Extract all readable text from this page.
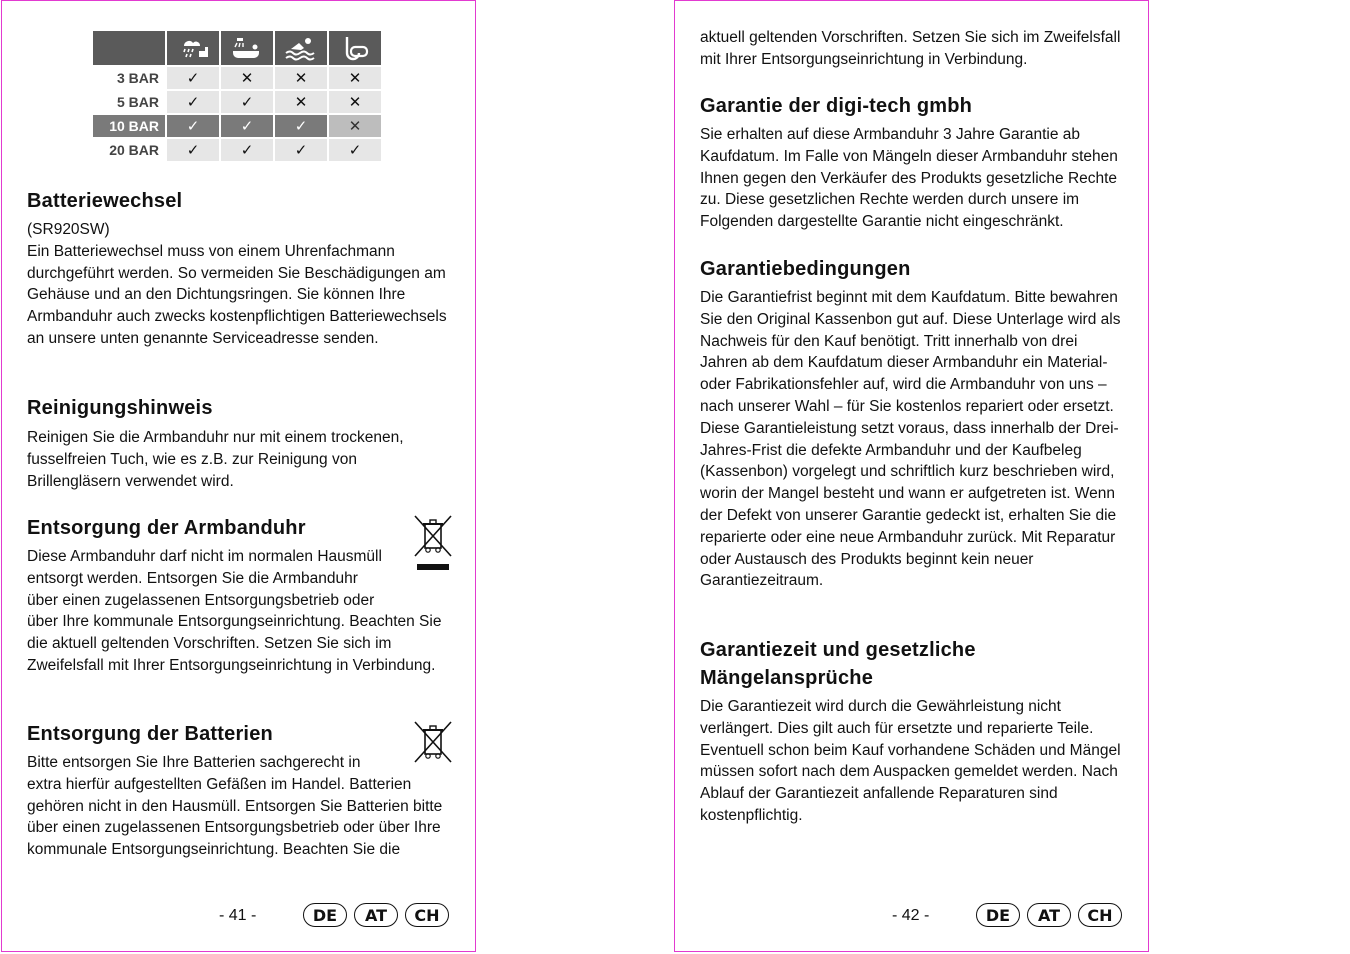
3 BAR	✓	✕	✕	✕
5 BAR	✓	✓	✕	✕
10 BAR	✓	✓	✓	✕
20 BAR	✓	✓	✓	✓
Batteriewechsel

(SR920SW)

Ein Batteriewechsel muss von einem Uhrenfachmann durchgeführt werden. So vermeiden Sie Beschädigungen am Gehäuse und an den Dichtungsringen. Sie können Ihre Armbanduhr auch zwecks kostenpflichtigen Batteriewechsels an unsere unten genannte Serviceadresse senden.

Reinigungshinweis

Reinigen Sie die Armbanduhr nur mit einem trockenen, fusselfreien Tuch, wie es z.B. zur Reinigung von Brillengläsern verwendet wird.

Entsorgung der Armbanduhr

Diese Armbanduhr darf nicht im normalen Hausmüll entsorgt werden. Entsorgen Sie die Armbanduhr über einen zugelassenen Entsorgungsbetrieb oder über Ihre kommunale Entsorgungseinrichtung. Beachten Sie die aktuell geltenden Vorschriften. Setzen Sie sich im Zweifelsfall mit Ihrer Entsorgungseinrichtung in Verbindung.

Entsorgung der Batterien

Bitte entsorgen Sie Ihre Batterien sachgerecht in extra hierfür aufgestellten Gefäßen im Handel. Batterien gehören nicht in den Hausmüll. Entsorgen Sie Batterien bitte über einen zugelassenen Entsorgungsbetrieb oder über Ihre kommunale Entsorgungseinrichtung. Beachten Sie die

- 41 -	DE	AT	CH

aktuell geltenden Vorschriften. Setzen Sie sich im Zweifelsfall mit Ihrer Entsorgungseinrichtung in Verbindung.

Garantie der digi-tech gmbh

Sie erhalten auf diese Armbanduhr 3 Jahre Garantie ab Kaufdatum. Im Falle von Mängeln dieser Armbanduhr stehen Ihnen gegen den Verkäufer des Produkts gesetzliche Rechte zu. Diese gesetzlichen Rechte werden durch unsere im Folgenden dargestellte Garantie nicht eingeschränkt.

Garantiebedingungen

Die Garantiefrist beginnt mit dem Kaufdatum. Bitte bewahren Sie den Original Kassenbon gut auf. Diese Unterlage wird als Nachweis für den Kauf benötigt. Tritt innerhalb von drei Jahren ab dem Kaufdatum dieser Armbanduhr ein Material- oder Fabrikationsfehler auf, wird die Armbanduhr von uns – nach unserer Wahl – für Sie kostenlos repariert oder ersetzt. Diese Garantieleistung setzt voraus, dass innerhalb der Drei-Jahres-Frist die defekte Armbanduhr und der Kaufbeleg (Kassenbon) vorgelegt und schriftlich kurz beschrieben wird, worin der Mangel besteht und wann er aufgetreten ist. Wenn der Defekt von unserer Garantie gedeckt ist, erhalten Sie die reparierte oder eine neue Armbanduhr zurück. Mit Reparatur oder Austausch des Produkts beginnt kein neuer Garantiezeitraum.

Garantiezeit und gesetzliche
Mängelansprüche

Die Garantiezeit wird durch die Gewährleistung nicht verlängert. Dies gilt auch für ersetzte und reparierte Teile. Eventuell schon beim Kauf vorhandene Schäden und Mängel müssen sofort nach dem Auspacken gemeldet werden. Nach Ablauf der Garantiezeit anfallende Reparaturen sind kostenpflichtig.

- 42 -	DE	AT	CH
